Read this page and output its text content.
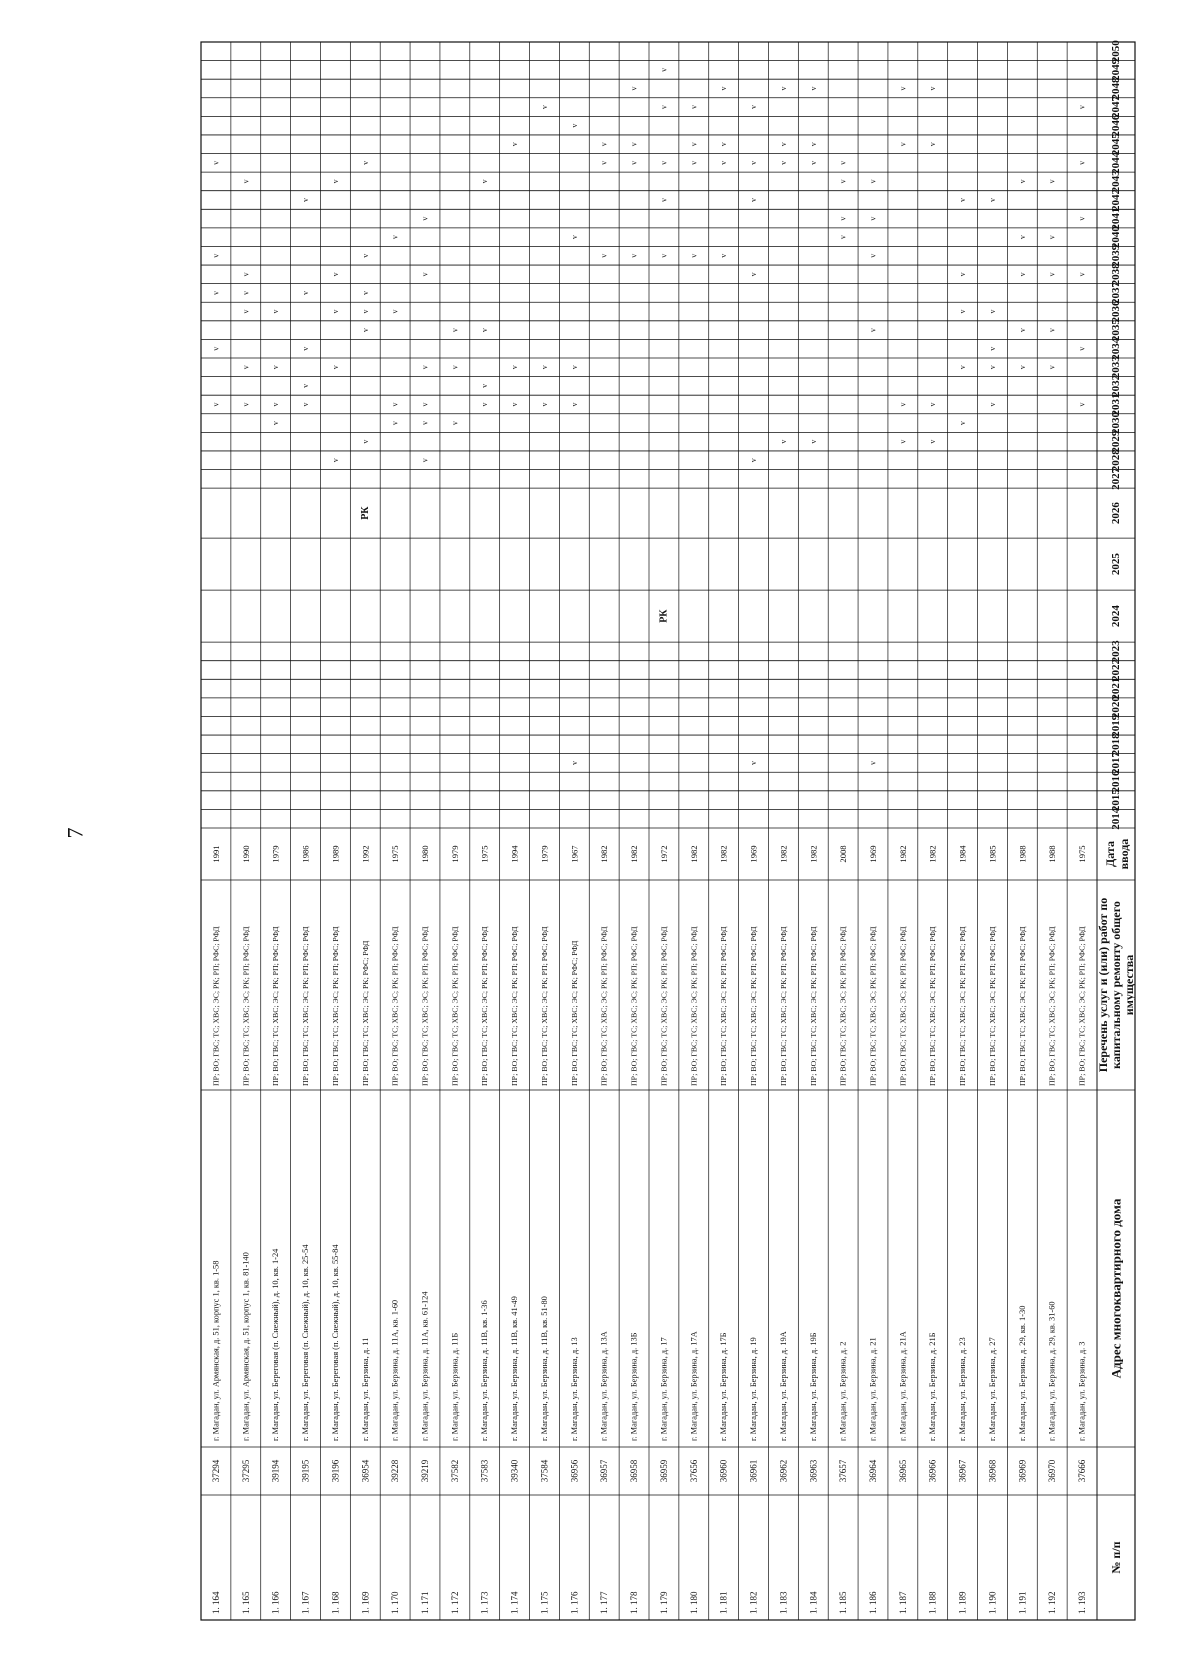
7
№ п/п
Адрес многоквартирного дома
Перечень услуг и (или) работ по капитальному ремонту общего имущества
Дата ввода
2014
2015
2016
2017
2018
2019
2020
2021
2022
2023
2024
2025
2026
2027
2028
2029
2030
2031
2032
2033
2034
2035
2036
2037
2038
2039
2040
2041
2042
2043
2044
2045
2046
2047
2048
2049
2050
1. 164
37294
г. Магадан, ул. Армянская, д. 51, корпус 1, кв. 1-58
ПР; ВО; ГВС; ТС; ХВС; ЭС; РК; РП; РФС; РФД
1991
v
v
v
v
v
1. 165
37295
г. Магадан, ул. Армянская, д. 51, корпус 1, кв. 81-140
ПР; ВО; ГВС; ТС; ХВС; ЭС; РК; РП; РФС; РФД
1990
v
v
v
v
v
v
1. 166
39194
г. Магадан, ул. Береговая (п. Снежный), д. 10, кв. 1-24
ПР; ВО; ГВС; ТС; ХВС; ЭС; РК; РП; РФС; РФД
1979
v
v
v
v
1. 167
39195
г. Магадан, ул. Береговая (п. Снежный), д. 10, кв. 25-54
ПР; ВО; ГВС; ТС; ХВС; ЭС; РК; РП; РФС; РФД
1986
v
v
v
v
v
1. 168
39196
г. Магадан, ул. Береговая (п. Снежный), д. 10, кв. 55-84
ПР; ВО; ГВС; ТС; ХВС; ЭС; РК; РП; РФС; РФД
1989
v
v
v
v
v
1. 169
36954
г. Магадан, ул. Берзина, д. 11
ПР; ВО; ГВС; ТС; ХВС; ЭС; РК; РФС; РФД
1992
РК
v
v
v
v
v
v
1. 170
39228
г. Магадан, ул. Берзина, д. 11А, кв. 1-60
ПР; ВО; ГВС; ТС; ХВС; ЭС; РК; РП; РФС; РФД
1975
v
v
v
v
1. 171
39219
г. Магадан, ул. Берзина, д. 11А, кв. 61-124
ПР; ВО; ГВС; ТС; ХВС; ЭС; РК; РП; РФС; РФД
1980
v
v
v
v
v
v
1. 172
37582
г. Магадан, ул. Берзина, д. 11Б
ПР; ВО; ГВС; ТС; ХВС; ЭС; РК; РП; РФС; РФД
1979
v
v
v
1. 173
37583
г. Магадан, ул. Берзина, д. 11В, кв. 1-36
ПР; ВО; ГВС; ТС; ХВС; ЭС; РК; РП; РФС; РФД
1975
v
v
v
v
1. 174
39340
г. Магадан, ул. Берзина, д. 11В, кв. 41-49
ПР; ВО; ГВС; ТС; ХВС; ЭС; РК; РП; РФС; РФД
1994
v
v
v
1. 175
37584
г. Магадан, ул. Берзина, д. 11В, кв. 51-80
ПР; ВО; ГВС; ТС; ХВС; ЭС; РК; РП; РФС; РФД
1979
v
v
v
1. 176
36956
г. Магадан, ул. Берзина, д. 13
ПР; ВО; ГВС; ТС; ХВС; ЭС; РК; РФС; РФД
1967
v
v
v
v
v
1. 177
36957
г. Магадан, ул. Берзина, д. 13А
ПР; ВО; ГВС; ТС; ХВС; ЭС; РК; РП; РФС; РФД
1982
v
v
v
1. 178
36958
г. Магадан, ул. Берзина, д. 13Б
ПР; ВО; ГВС; ТС; ХВС; ЭС; РК; РП; РФС; РФД
1982
v
v
v
v
1. 179
36959
г. Магадан, ул. Берзина, д. 17
ПР; ВО; ГВС; ТС; ХВС; ЭС; РК; РП; РФС; РФД
1972
РК
v
v
v
v
v
1. 180
37656
г. Магадан, ул. Берзина, д. 17А
ПР; ВО; ГВС; ТС; ХВС; ЭС; РК; РП; РФС; РФД
1982
v
v
v
v
1. 181
36960
г. Магадан, ул. Берзина, д. 17Б
ПР; ВО; ГВС; ТС; ХВС; ЭС; РК; РП; РФС; РФД
1982
v
v
v
v
1. 182
36961
г. Магадан, ул. Берзина, д. 19
ПР; ВО; ГВС; ТС; ХВС; ЭС; РК; РП; РФС; РФД
1969
v
v
v
v
v
v
1. 183
36962
г. Магадан, ул. Берзина, д. 19А
ПР; ВО; ГВС; ТС; ХВС; ЭС; РК; РП; РФС; РФД
1982
v
v
v
v
1. 184
36963
г. Магадан, ул. Берзина, д. 19Б
ПР; ВО; ГВС; ТС; ХВС; ЭС; РК; РП; РФС; РФД
1982
v
v
v
v
1. 185
37657
г. Магадан, ул. Берзина, д. 2
ПР; ВО; ГВС; ТС; ХВС; ЭС; РК; РП; РФС; РФД
2008
v
v
v
v
1. 186
36964
г. Магадан, ул. Берзина, д. 21
ПР; ВО; ГВС; ТС; ХВС; ЭС; РК; РП; РФС; РФД
1969
v
v
v
v
v
1. 187
36965
г. Магадан, ул. Берзина, д. 21А
ПР; ВО; ГВС; ТС; ХВС; ЭС; РК; РП; РФС; РФД
1982
v
v
v
v
1. 188
36966
г. Магадан, ул. Берзина, д. 21Б
ПР; ВО; ГВС; ТС; ХВС; ЭС; РК; РП; РФС; РФД
1982
v
v
v
v
1. 189
36967
г. Магадан, ул. Берзина, д. 23
ПР; ВО; ГВС; ТС; ХВС; ЭС; РК; РП; РФС; РФД
1984
v
v
v
v
v
1. 190
36968
г. Магадан, ул. Берзина, д. 27
ПР; ВО; ГВС; ТС; ХВС; ЭС; РК; РП; РФС; РФД
1985
v
v
v
v
v
1. 191
36969
г. Магадан, ул. Берзина, д. 29, кв. 1-30
ПР; ВО; ГВС; ТС; ХВС; ЭС; РК; РП; РФС; РФД
1988
v
v
v
v
v
1. 192
36970
г. Магадан, ул. Берзина, д. 29, кв. 31-60
ПР; ВО; ГВС; ТС; ХВС; ЭС; РК; РП; РФС; РФД
1988
v
v
v
v
v
1. 193
37666
г. Магадан, ул. Берзина, д. 3
ПР; ВО; ГВС; ТС; ХВС; ЭС; РК; РП; РФС; РФД
1975
v
v
v
v
v
v
